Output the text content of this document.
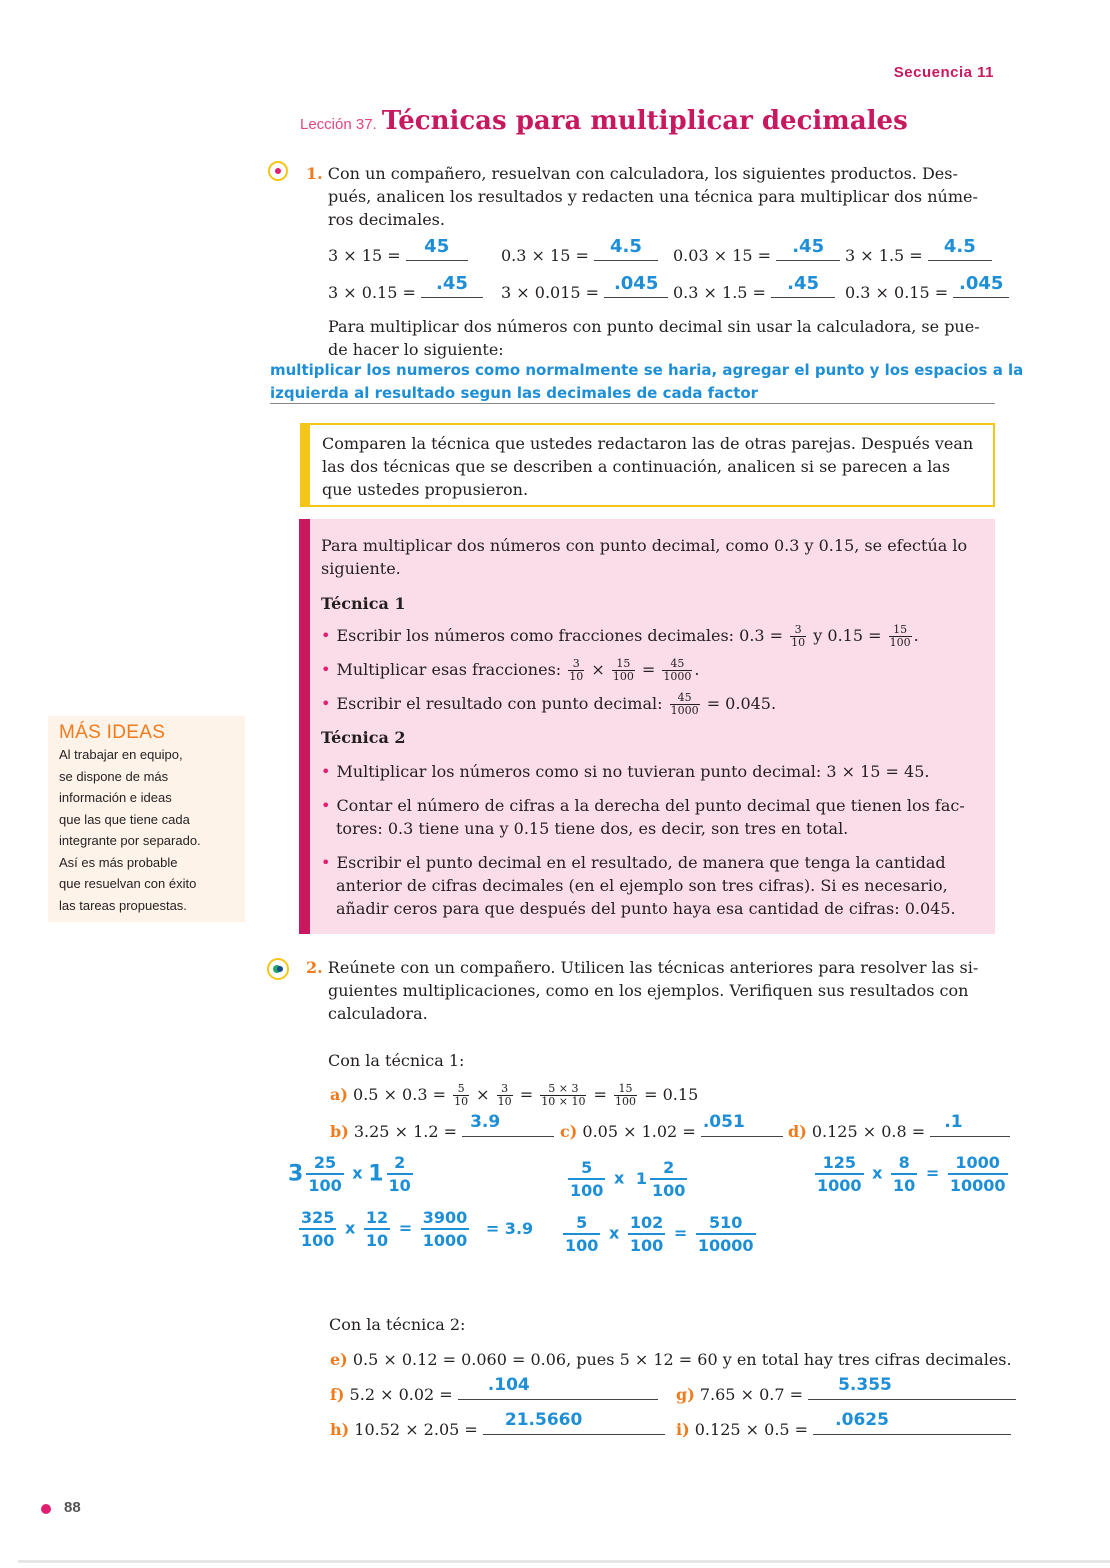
Secuencia 11
Lección 37. Técnicas para multiplicar decimales
1. Con un compañero, resuelvan con calculadora, los siguientes productos. Des-
pués, analicen los resultados y redacten una técnica para multiplicar dos núme-
ros decimales.
3 × 15 =	45	0.3 × 15 =	4.5	0.03 × 15 =	.45	3 × 1.5 =	4.5
3 × 0.15 =	.45	3 × 0.015 = .045 0.3 × 1.5 =	.45	0.3 × 0.15 = .045
Para multiplicar dos números con punto decimal sin usar la calculadora, se pue-
de hacer lo siguiente:
multiplicar los numeros como normalmente se haria, agregar el punto y los espacios a la
izquierda al resultado segun las decimales de cada factor
Comparen la técnica que ustedes redactaron las de otras parejas. Después vean
las dos técnicas que se describen a continuación, analicen si se parecen a las
que ustedes propusieron.
Para multiplicar dos números con punto decimal, como 0.3 y 0.15, se efectúa lo
siguiente.
Técnica 1
• Escribir los números como fracciones decimales: $0.3 = \frac{3}{10}$ y $0.15 = \frac{15}{100}$ .
• Multiplicar esas fracciones: $\frac{3}{10} \times \frac{15}{100} = \frac{45}{1000}$ .
• Escribir el resultado con punto decimal: $\frac{45}{1000} = 0.045$.
Técnica 2
• Multiplicar los números como si no tuvieran punto decimal: 3 × 15 = 45.
• Contar el número de cifras a la derecha del punto decimal que tienen los fac-
tores: 0.3 tiene una y 0.15 tiene dos, es decir, son tres en total.
• Escribir el punto decimal en el resultado, de manera que tenga la cantidad
anterior de cifras decimales (en el ejemplo son tres cifras). Si es necesario,
añadir ceros para que después del punto haya esa cantidad de cifras: 0.045.
MÁS IDEAS
Al trabajar en equipo,
se dispone de más
información e ideas
que las que tiene cada
integrante por separado.
Así es más probable
que resuelvan con éxito
las tareas propuestas.
2. Reúnete con un compañero. Utilicen las técnicas anteriores para resolver las si-
guientes multiplicaciones, como en los ejemplos. Verifiquen sus resultados con
calculadora.
Con la técnica 1:
a) $0.5 \times 0.3 = \frac{5}{10} \times \frac{3}{10} = \frac{5 \times 3}{10 \times 10} = \frac{15}{100} = 0.15$
b) 3.25 × 1.2 = 3.9	c) 0.05 × 1.02 = .051	d) 0.125 × 0.8 =	.1
$3 \frac{25}{100}$ x $1 \frac{2}{10}$
$\frac{325}{100}$ x $\frac{12}{10} = \frac{3900}{1000} = 3.9$
$\frac{5}{100}$ x $1 \frac{2}{100}$
$\frac{5}{100}$ x $\frac{102}{100} = \frac{510}{10000}$
$\frac{125}{1000}$ x $\frac{8}{10} = \frac{1000}{10000}$
Con la técnica 2:
e) 0.5 × 0.12 = 0.060 = 0.06, pues 5 × 12 = 60 y en total hay tres cifras decimales.
f) 5.2 × 0.02 =	.104	g) 7.65 × 0.7 =	5.355
h) 10.52 × 2.05 =	21.5660	i) 0.125 × 0.5 =	.0625
88
